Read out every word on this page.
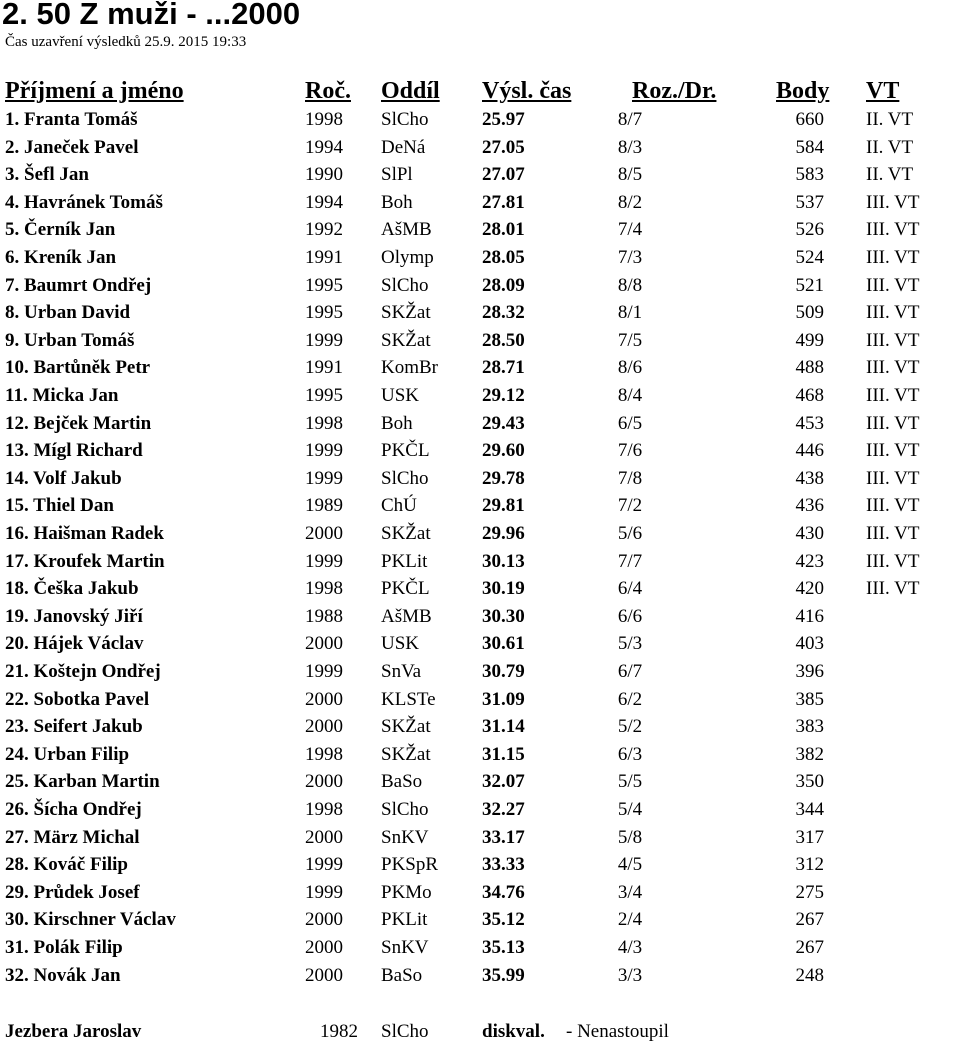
2. 50 Z muži - ...2000
Čas uzavření výsledků 25.9. 2015 19:33
Příjmení a jméno	Roč. Oddíl Výsl. čas	Roz./Dr. Body VT
1. Franta Tomáš	1998 SlCho	25.97	8/7	660 II. VT
2. Janeček Pavel	1994 DeNá	27.05	8/3	584 II. VT
3. Šefl Jan	1990 SlPl	27.07	8/5	583 II. VT
4. Havránek Tomáš	1994 Boh	27.81	8/2	537 III. VT
5. Černík Jan	1992 AšMB	28.01	7/4	526 III. VT
6. Kreník Jan	1991 Olymp	28.05	7/3	524 III. VT
7. Baumrt Ondřej	1995 SlCho	28.09	8/8	521 III. VT
8. Urban David	1995 SKŽat	28.32	8/1	509 III. VT
9. Urban Tomáš	1999 SKŽat	28.50	7/5	499 III. VT
10. Bartůněk Petr	1991 KomBr 28.71	8/6	488 III. VT
11. Micka Jan	1995 USK	29.12	8/4	468 III. VT
12. Bejček Martin	1998 Boh	29.43	6/5	453 III. VT
13. Mígl Richard	1999 PKČL	29.60	7/6	446 III. VT
14. Volf Jakub	1999 SlCho	29.78	7/8	438 III. VT
15. Thiel Dan	1989 ChÚ	29.81	7/2	436 III. VT
16. Haišman Radek	2000 SKŽat	29.96	5/6	430 III. VT
17. Kroufek Martin	1999 PKLit	30.13	7/7	423 III. VT
18. Češka Jakub	1998 PKČL	30.19	6/4	420 III. VT
19. Janovský Jiří	1988 AšMB	30.30	6/6	416
20. Hájek Václav	2000 USK	30.61	5/3	403
21. Koštejn Ondřej	1999 SnVa	30.79	6/7	396
22. Sobotka Pavel	2000 KLSTe 31.09	6/2	385
23. Seifert Jakub	2000 SKŽat	31.14	5/2	383
24. Urban Filip	1998 SKŽat	31.15	6/3	382
25. Karban Martin	2000 BaSo	32.07	5/5	350
26. Šícha Ondřej	1998 SlCho	32.27	5/4	344
27. März Michal	2000 SnKV	33.17	5/8	317
28. Kováč Filip	1999 PKSpR 33.33	4/5	312
29. Průdek Josef	1999 PKMo	34.76	3/4	275
30. Kirschner Václav	2000 PKLit	35.12	2/4	267
31. Polák Filip	2000 SnKV	35.13	4/3	267
32. Novák Jan	2000 BaSo	35.99	3/3	248
Jezbera Jaroslav	1982 SlCho	diskval. - Nenastoupil
